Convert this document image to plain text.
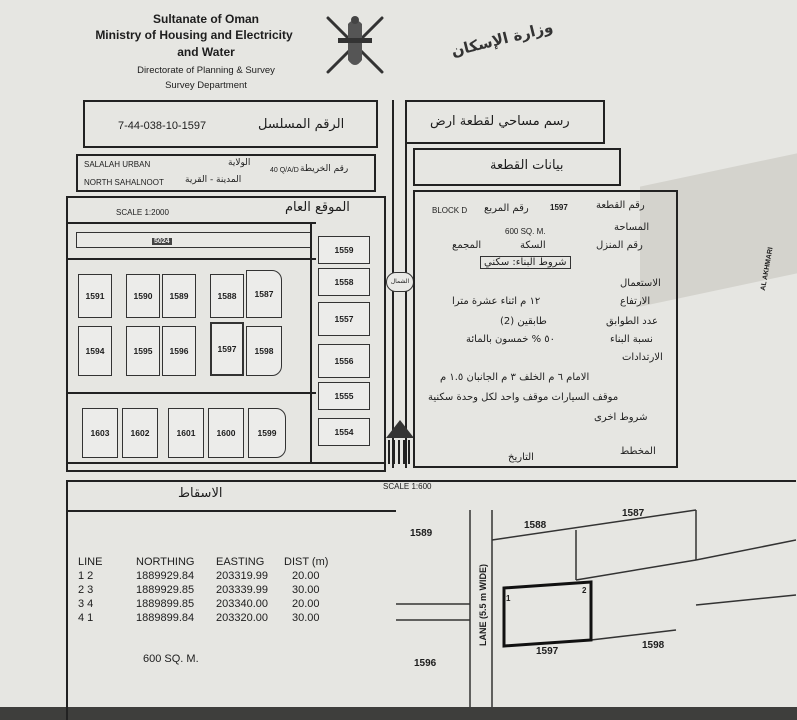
Sultanate of Oman
Ministry of Housing and Electricity
and Water
Directorate of Planning & Survey
Survey Department
وزارة الإسكان
7-44-038-10-1597	الرقم المسلسل	رسم مساحي لقطعة ارض
SALALAH URBAN
NORTH SAHALNOOT
الولاية
المدينة - القرية
40 Q/A/D رقم الخريطة	بيانات القطعة
SCALE 1:2000	الموقع العام
5024
1591	1590	1589	1588	1587
1594	1595	1596	1597	1598
1603	1602	1601	1600	1599
1559
1558
1557
1556
1555
1554
الشمال
BLOCK D رقم المربع	1597	رقم القطعة
600 SQ. M.	المساحة
المجمع	السكة	رقم المنزل
شروط البناء: سكني
الاستعمال
١٢ م اثناء عشرة مترا	الارتفاع
طابقين (2)	عدد الطوابق
٥٠ % خمسون بالمائة	نسبة البناء
الارتدادات
الامام ٦ م الخلف ٣ م الجانبان ١.٥ م
موقف السيارات موقف واحد لكل وحدة سكنية
شروط اخرى
المخطط
التاريخ
الاسقاط	SCALE 1:600
LINE	NORTHING EASTING DIST (m)
1 2	1889929.84 203319.99 20.00
2 3	1889929.85 203339.99 30.00
3 4	1889899.85 203340.00 20.00
4 1	1889899.84 203320.00 30.00
600 SQ. M.
1589
1588
1587
1596
1597
1598
LANE (5.5 m WIDE) 1
2
AL AKHMARI
